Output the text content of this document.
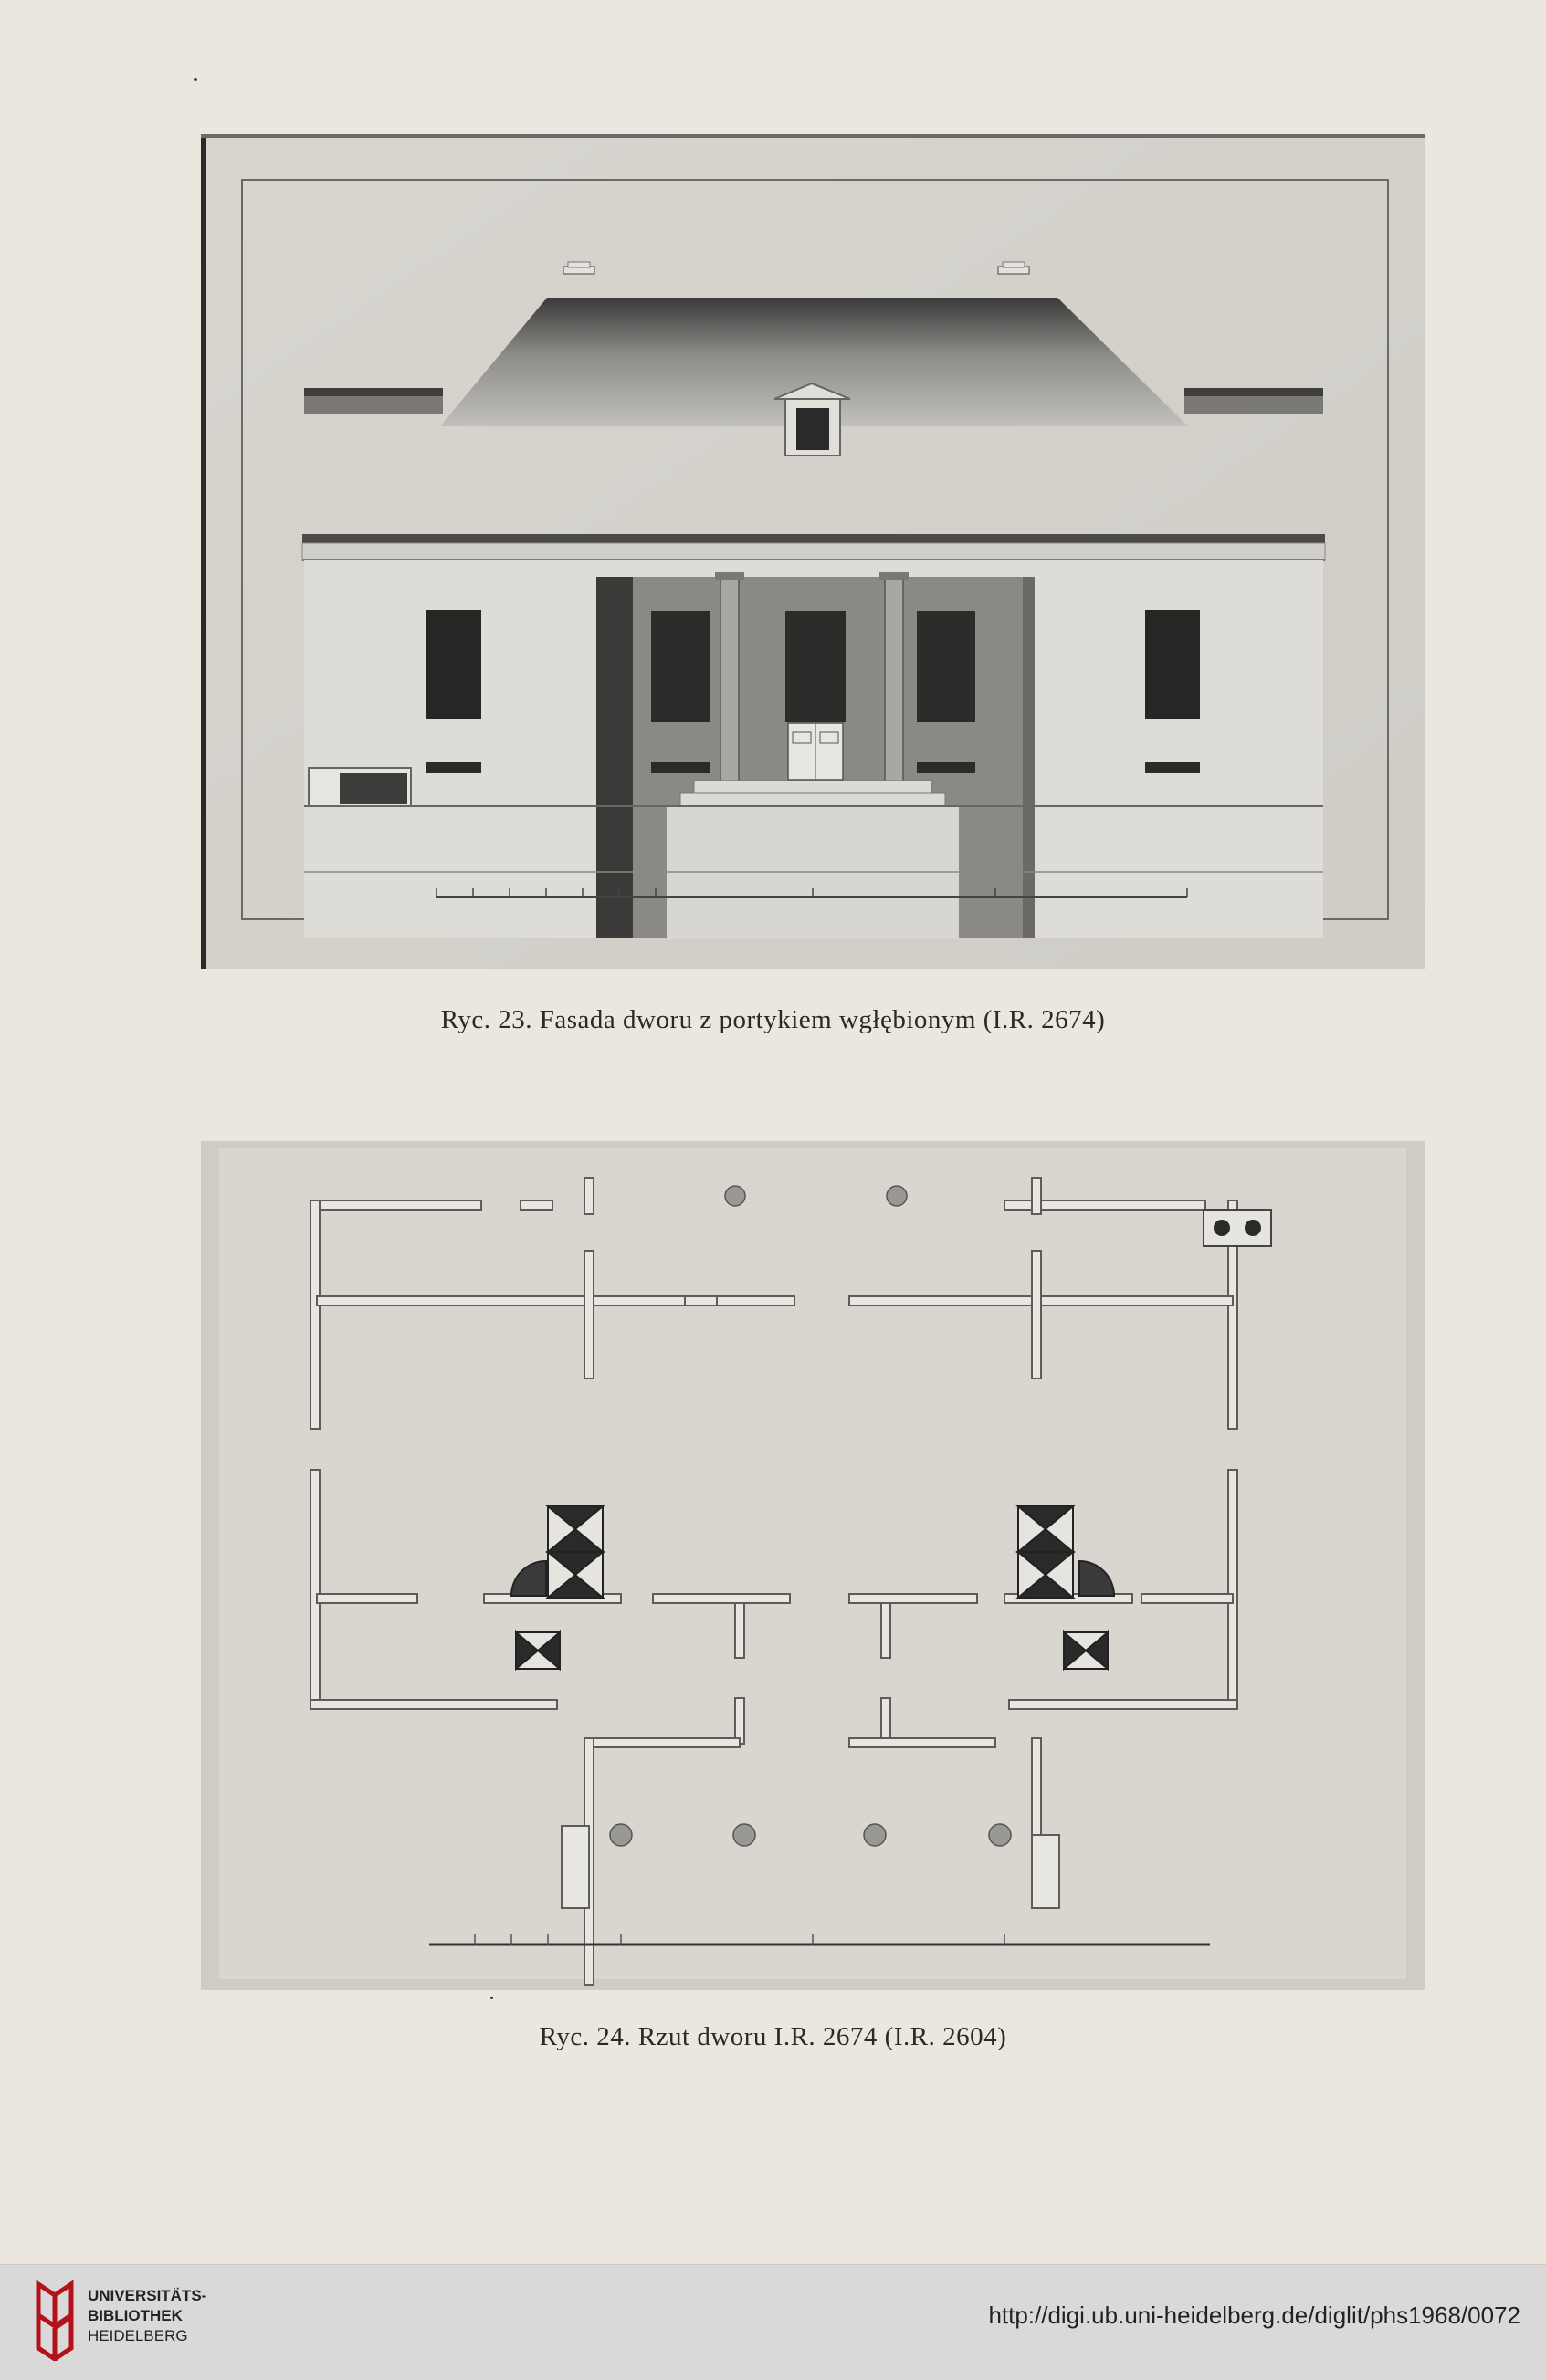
Ryc. 23. Fasada dworu z portykiem wgłębionym (I.R. 2674)
Ryc. 24. Rzut dworu I.R. 2674 (I.R. 2604)
UNIVERSITÄTS-
BIBLIOTHEK
HEIDELBERG
http://digi.ub.uni-heidelberg.de/diglit/phs1968/0072
